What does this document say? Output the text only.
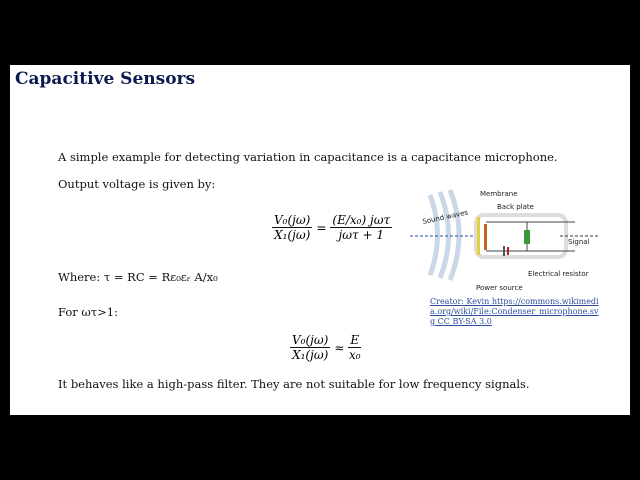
Capacitive Sensors
A simple example for detecting variation in capacitance is a capacitance microphone.
Output voltage is given by:
$\frac{\text{V₀(jω)}}{\text{X₁(jω)}} = \frac{\text{(E/x₀) jωτ}}{\text{jωτ + 1}}$
Where: τ = RC = Rε₀εᵣ A/x₀
For ωτ>1:
$\frac{\text{V₀(jω)}}{\text{X₁(jω)}} \approx \frac{E}{\text{x₀}}$
It behaves like a high-pass filter. They are not suitable for low frequency signals.
Membrane
Back plate
Sound waves
Signal
Electrical resistor
Power source
Creator: Kevin https://commons.wikimedia.org/wiki/File:Condenser_microphone.svg CC BY-SA 3.0
